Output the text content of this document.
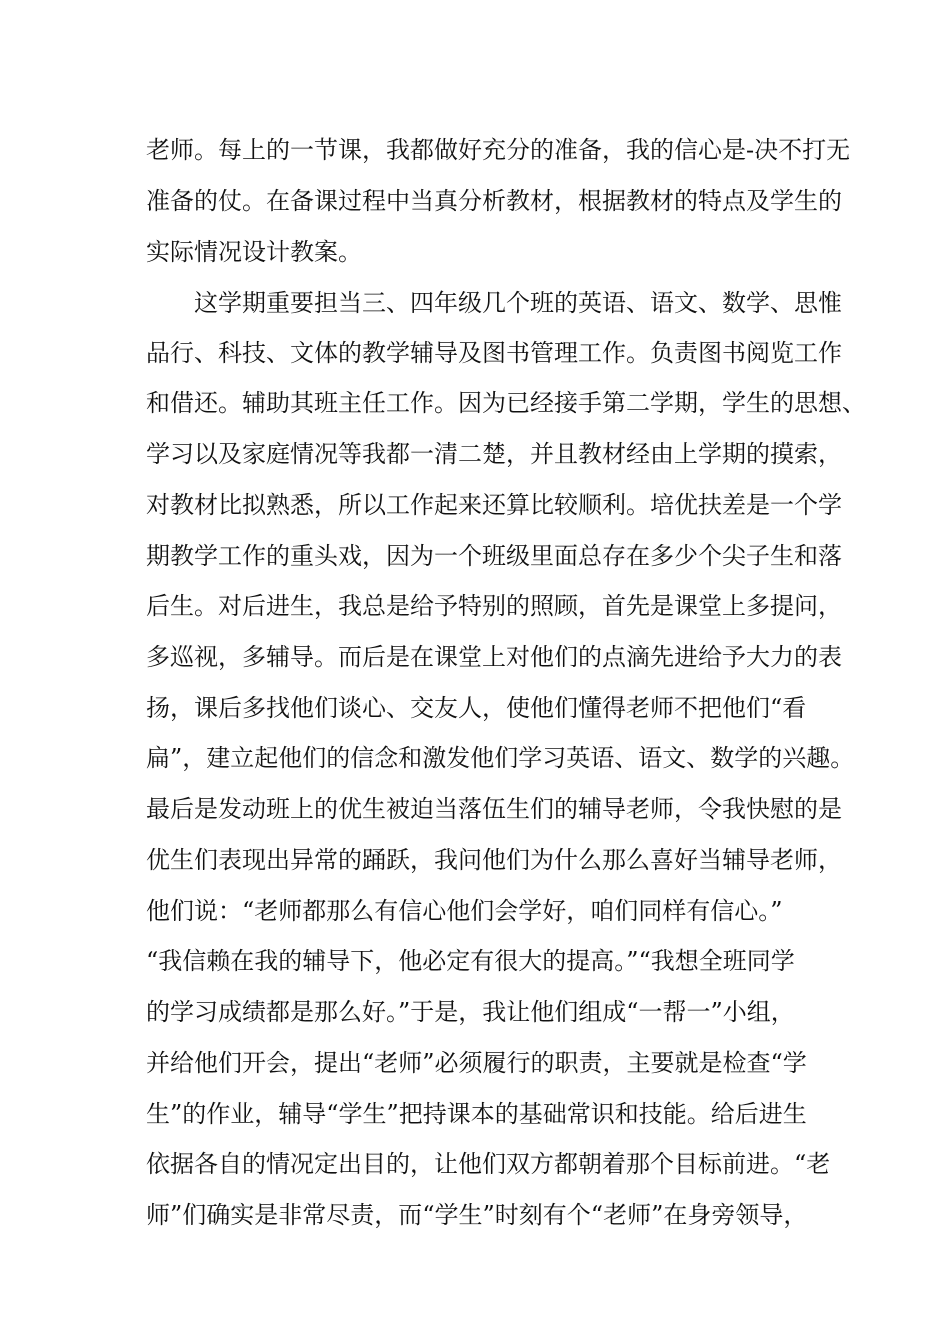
老师。每上的一节课，我都做好充分的准备，我的信心是-决不打无
准备的仗。在备课过程中当真分析教材，根据教材的特点及学生的
实际情况设计教案。
这学期重要担当三、四年级几个班的英语、语文、数学、思惟
品行、科技、文体的教学辅导及图书管理工作。负责图书阅览工作
和借还。辅助其班主任工作。因为已经接手第二学期，学生的思想、
学习以及家庭情况等我都一清二楚，并且教材经由上学期的摸索，
对教材比拟熟悉，所以工作起来还算比较顺利。培优扶差是一个学
期教学工作的重头戏，因为一个班级里面总存在多少个尖子生和落
后生。对后进生，我总是给予特别的照顾，首先是课堂上多提问，
多巡视，多辅导。而后是在课堂上对他们的点滴先进给予大力的表
扬，课后多找他们谈心、交友人，使他们懂得老师不把他们“看
扁”，建立起他们的信念和激发他们学习英语、语文、数学的兴趣。
最后是发动班上的优生被迫当落伍生们的辅导老师，令我快慰的是
优生们表现出异常的踊跃，我问他们为什么那么喜好当辅导老师，
他们说：“老师都那么有信心他们会学好，咱们同样有信心。”
“我信赖在我的辅导下，他必定有很大的提高。”“我想全班同学
的学习成绩都是那么好。”于是，我让他们组成“一帮一”小组，
并给他们开会，提出“老师”必须履行的职责，主要就是检查“学
生”的作业，辅导“学生”把持课本的基础常识和技能。给后进生
依据各自的情况定出目的，让他们双方都朝着那个目标前进。“老
师”们确实是非常尽责，而“学生”时刻有个“老师”在身旁领导，
